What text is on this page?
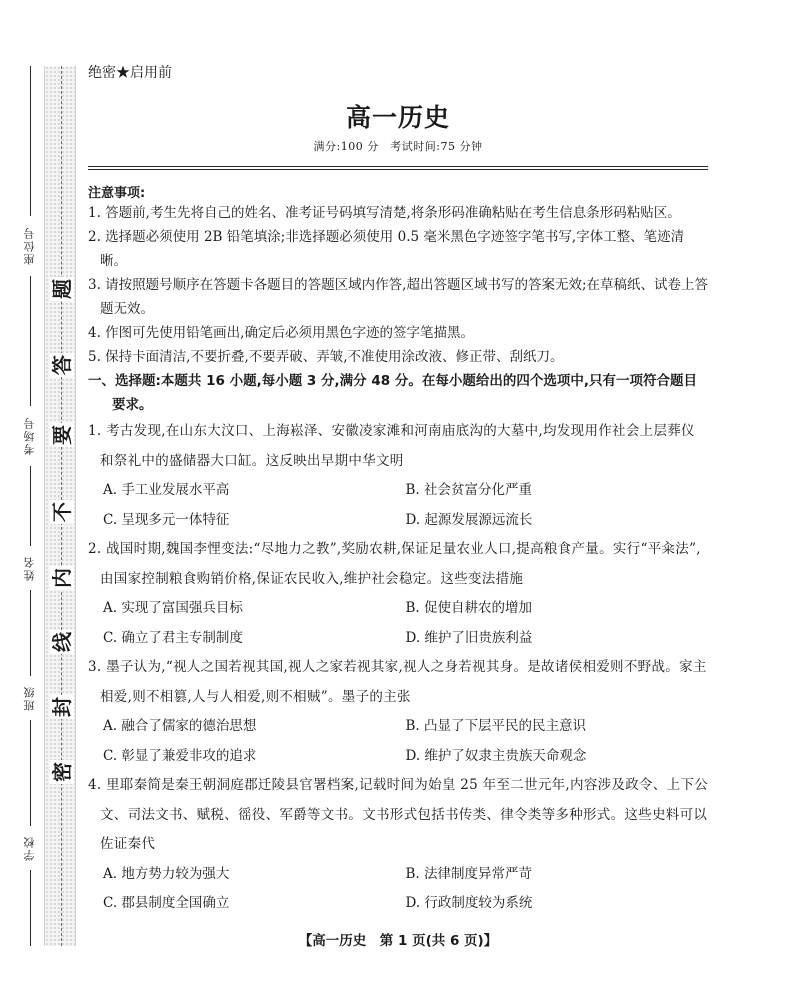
座位号
考场号
姓名
班级
学校
题
答
要
不
内
线
封
密
绝密★启用前
高一历史
满分:100 分　考试时间:75 分钟
注意事项:

1. 答题前,考生先将自己的姓名、准考证号码填写清楚,将条形码准确粘贴在考生信息条形码粘贴区。

2. 选择题必须使用 2B 铅笔填涂;非选择题必须使用 0.5 毫米黑色字迹签字笔书写,字体工整、笔迹清晰。

3. 请按照题号顺序在答题卡各题目的答题区域内作答,超出答题区域书写的答案无效;在草稿纸、试卷上答题无效。

4. 作图可先使用铅笔画出,确定后必须用黑色字迹的签字笔描黑。

5. 保持卡面清洁,不要折叠,不要弄破、弄皱,不准使用涂改液、修正带、刮纸刀。

一、选择题:本题共 16 小题,每小题 3 分,满分 48 分。在每小题给出的四个选项中,只有一项符合题目要求。

1. 考古发现,在山东大汶口、上海崧泽、安徽凌家滩和河南庙底沟的大墓中,均发现用作社会上层葬仪和祭礼中的盛储器大口缸。这反映出早期中华文明

A. 手工业发展水平高	B. 社会贫富分化严重
C. 呈现多元一体特征	D. 起源发展源远流长

2. 战国时期,魏国李悝变法:“尽地力之教”,奖励农耕,保证足量农业人口,提高粮食产量。实行“平籴法”,由国家控制粮食购销价格,保证农民收入,维护社会稳定。这些变法措施

A. 实现了富国强兵目标	B. 促使自耕农的增加
C. 确立了君主专制制度	D. 维护了旧贵族利益

3. 墨子认为,“视人之国若视其国,视人之家若视其家,视人之身若视其身。是故诸侯相爱则不野战。家主相爱,则不相篡,人与人相爱,则不相贼”。墨子的主张

A. 融合了儒家的德治思想	B. 凸显了下层平民的民主意识
C. 彰显了兼爱非攻的追求	D. 维护了奴隶主贵族天命观念

4. 里耶秦简是秦王朝洞庭郡迁陵县官署档案,记载时间为始皇 25 年至二世元年,内容涉及政令、上下公文、司法文书、赋税、徭役、军爵等文书。文书形式包括书传类、律令类等多种形式。这些史料可以佐证秦代

A. 地方势力较为强大	B. 法律制度异常严苛
C. 郡县制度全国确立	D. 行政制度较为系统
【高一历史　第 1 页(共 6 页)】
